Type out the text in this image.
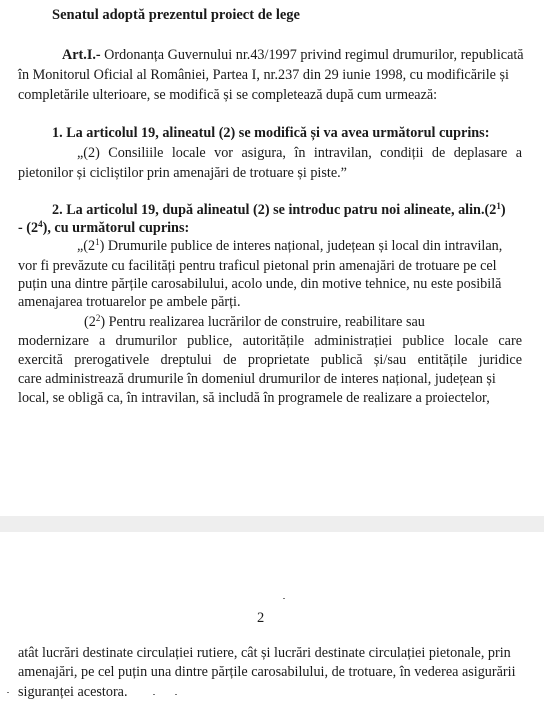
Senatul adoptă prezentul proiect de lege
Art.I.- Ordonanța Guvernului nr.43/1997 privind regimul drumurilor, republicată
în Monitorul Oficial al României, Partea I, nr.237 din 29 iunie 1998, cu modificările și
completările ulterioare, se modifică și se completează după cum urmează:
1. La articolul 19, alineatul (2) se modifică și va avea următorul cuprins:
„(2) Consiliile locale vor asigura, în intravilan, condiții de deplasare a
pietonilor și cicliștilor prin amenajări de trotuare și piste.”
2. La articolul 19, după alineatul (2) se introduc patru noi alineate, $alin.(2^1)$
- $(2^4)$, cu următorul cuprins:
$„(2^1)$ Drumurile publice de interes național, județean și local din intravilan,
vor fi prevăzute cu facilități pentru traficul pietonal prin amenajări de trotuare pe cel
puțin una dintre părțile carosabilului, acolo unde, din motive tehnice, nu este posibilă
amenajarea trotuarelor pe ambele părți.
$(2^2)$ Pentru realizarea lucrărilor de construire, reabilitare sau
modernizare a drumurilor publice, autoritățile administrației publice locale care
exercită prerogativele dreptului de proprietate publică și/sau entitățile juridice
care administrează drumurile în domeniul drumurilor de interes național, județean și
local, se obligă ca, în intravilan, să includă în programele de realizare a proiectelor,
2
atât lucrări destinate circulației rutiere, cât și lucrări destinate circulației pietonale, prin
amenajări, pe cel puțin una dintre părțile carosabilului, de trotuare, în vederea asigurării
siguranței acestora.
